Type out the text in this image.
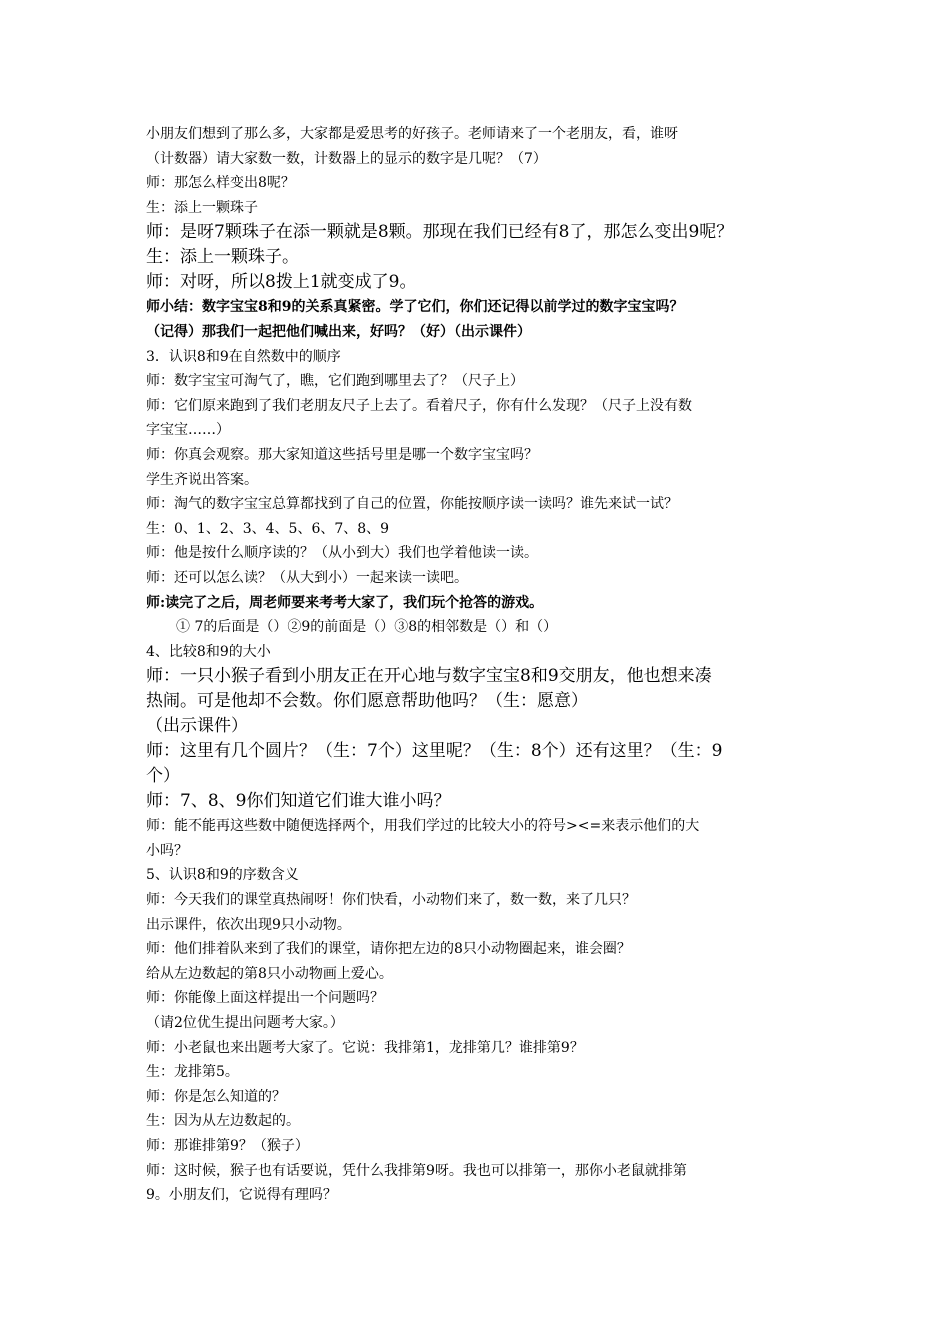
小朋友们想到了那么多，大家都是爱思考的好孩子。老师请来了一个老朋友，看，谁呀
（计数器）请大家数一数，计数器上的显示的数字是几呢？（7）
师：那怎么样变出8呢？
生：添上一颗珠子
师：是呀7颗珠子在添一颗就是8颗。那现在我们已经有8了，那怎么变出9呢？
生：添上一颗珠子。
师：对呀，所以8拨上1就变成了9。
师小结：数字宝宝8和9的关系真紧密。学了它们，你们还记得以前学过的数字宝宝吗？
（记得）那我们一起把他们喊出来，好吗？（好）（出示课件）
3．认识8和9在自然数中的顺序
师：数字宝宝可淘气了，瞧，它们跑到哪里去了？（尺子上）
师：它们原来跑到了我们老朋友尺子上去了。看着尺子，你有什么发现？（尺子上没有数
字宝宝……）
师：你真会观察。那大家知道这些括号里是哪一个数字宝宝吗？
学生齐说出答案。
师：淘气的数字宝宝总算都找到了自己的位置，你能按顺序读一读吗？谁先来试一试？
生：0、1、2、3、4、5、6、7、8、9
师：他是按什么顺序读的？（从小到大）我们也学着他读一读。
师：还可以怎么读？（从大到小）一起来读一读吧。
师:读完了之后，周老师要来考考大家了，我们玩个抢答的游戏。
① 7的后面是（）②9的前面是（）③8的相邻数是（）和（）
4、比较8和9的大小
师：一只小猴子看到小朋友正在开心地与数字宝宝8和9交朋友，他也想来凑
热闹。可是他却不会数。你们愿意帮助他吗？（生：愿意）
（出示课件）
师：这里有几个圆片？（生：7个）这里呢？（生：8个）还有这里？（生：9
个）
师：7、8、9你们知道它们谁大谁小吗？
师：能不能再这些数中随便选择两个，用我们学过的比较大小的符号><=来表示他们的大
小吗？
5、认识8和9的序数含义
师：今天我们的课堂真热闹呀！你们快看，小动物们来了，数一数，来了几只？
出示课件，依次出现9只小动物。
师：他们排着队来到了我们的课堂，请你把左边的8只小动物圈起来，谁会圈？
给从左边数起的第8只小动物画上爱心。
师：你能像上面这样提出一个问题吗？
（请2位优生提出问题考大家。）
师：小老鼠也来出题考大家了。它说：我排第1，龙排第几？谁排第9？
生：龙排第5。
师：你是怎么知道的？
生：因为从左边数起的。
师：那谁排第9？（猴子）
师：这时候，猴子也有话要说，凭什么我排第9呀。我也可以排第一，那你小老鼠就排第
9。小朋友们，它说得有理吗？
